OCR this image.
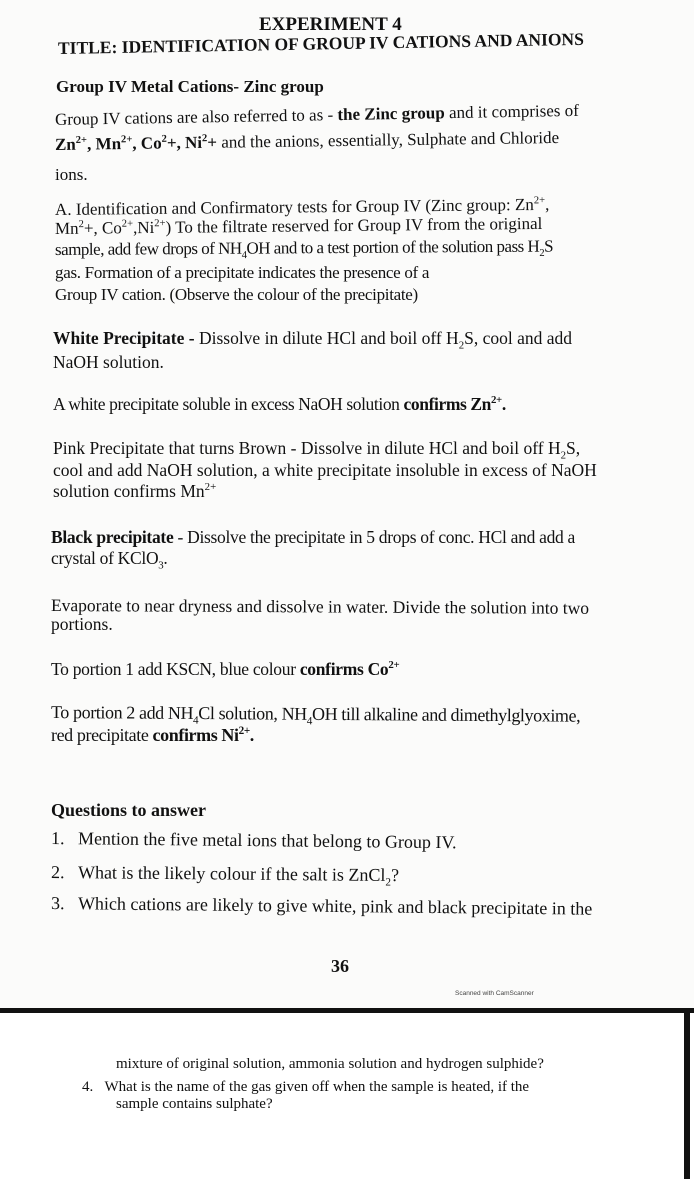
EXPERIMENT 4
TITLE: IDENTIFICATION OF GROUP IV CATIONS AND ANIONS
Group IV Metal Cations- Zinc group
Group IV cations are also referred to as - the Zinc group and it comprises of
$Zn^{2+}$, $Mn^{2+}$, $Co^2+$, $Ni^2+$ and the anions, essentially, Sulphate and Chloride
ions.
A. Identification and Confirmatory tests for Group IV (Zinc group: $Zn^{2+}$,
$Mn^2+$, $Co^{2+},Ni^{2+}$) To the filtrate reserved for Group IV from the original
sample, add few drops of $NH_4OH$ and to a test portion of the solution pass $H_2S$
gas. Formation of a precipitate indicates the presence of a
Group IV cation. (Observe the colour of the precipitate)
White Precipitate - Dissolve in dilute HCl and boil off $H_2S$, cool and add
NaOH solution.
A white precipitate soluble in excess NaOH solution confirms $Zn^{2+}$.
Pink Precipitate that turns Brown - Dissolve in dilute HCl and boil off $H_2S$,
cool and add NaOH solution, a white precipitate insoluble in excess of NaOH
solution confirms $Mn^{2+}$
Black precipitate - Dissolve the precipitate in 5 drops of conc. HCl and add a
crystal of KClO$_3$.
Evaporate to near dryness and dissolve in water. Divide the solution into two
portions.
To portion 1 add KSCN, blue colour confirms $Co^{2+}$
To portion 2 add $NH_4Cl$ solution, $NH_4OH$ till alkaline and dimethylglyoxime,
red precipitate confirms $Ni^{2+}$.
Questions to answer
1. Mention the five metal ions that belong to Group IV.
2. What is the likely colour if the salt is ZnCl$_2$?
3. Which cations are likely to give white, pink and black precipitate in the
36
Scanned with CamScanner
mixture of original solution, ammonia solution and hydrogen sulphide?
4. What is the name of the gas given off when the sample is heated, if the
sample contains sulphate?
